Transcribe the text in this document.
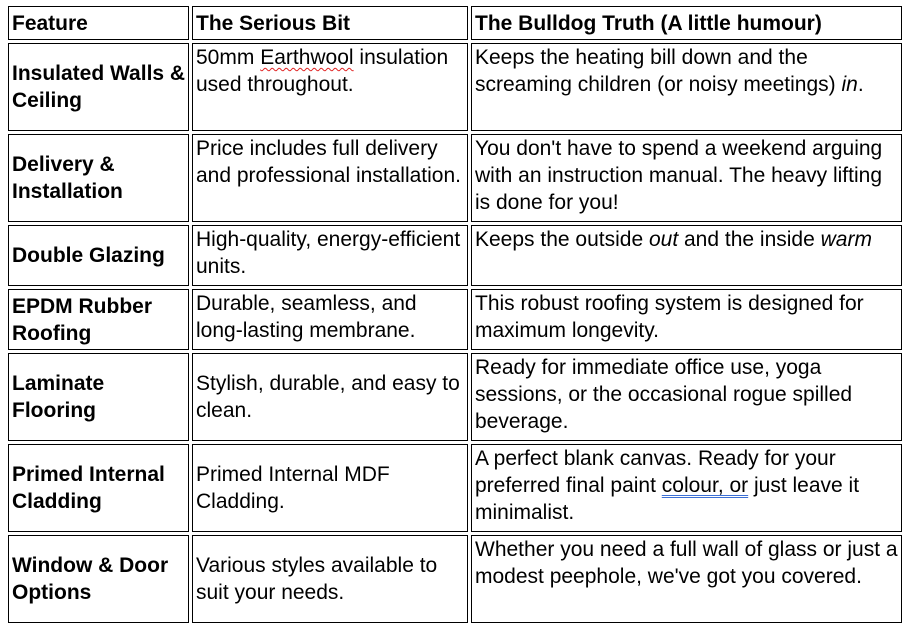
Feature	The Serious Bit	The Bulldog Truth (A little humour)
Insulated Walls & Ceiling	50mm Earthwool insulation used throughout.	Keeps the heating bill down and the screaming children (or noisy meetings) in.
Delivery & Installation	Price includes full delivery and professional installation.	You don't have to spend a weekend arguing with an instruction manual. The heavy lifting is done for you!
Double Glazing	High-quality, energy-efficient units.	Keeps the outside out and the inside warm
EPDM Rubber Roofing	Durable, seamless, and long-lasting membrane.	This robust roofing system is designed for maximum longevity.
Laminate Flooring	Stylish, durable, and easy to clean.	Ready for immediate office use, yoga sessions, or the occasional rogue spilled beverage.
Primed Internal Cladding	Primed Internal MDF Cladding.	A perfect blank canvas. Ready for your preferred final paint colour, or just leave it minimalist.
Window & Door Options	Various styles available to suit your needs.	Whether you need a full wall of glass or just a modest peephole, we've got you covered.
